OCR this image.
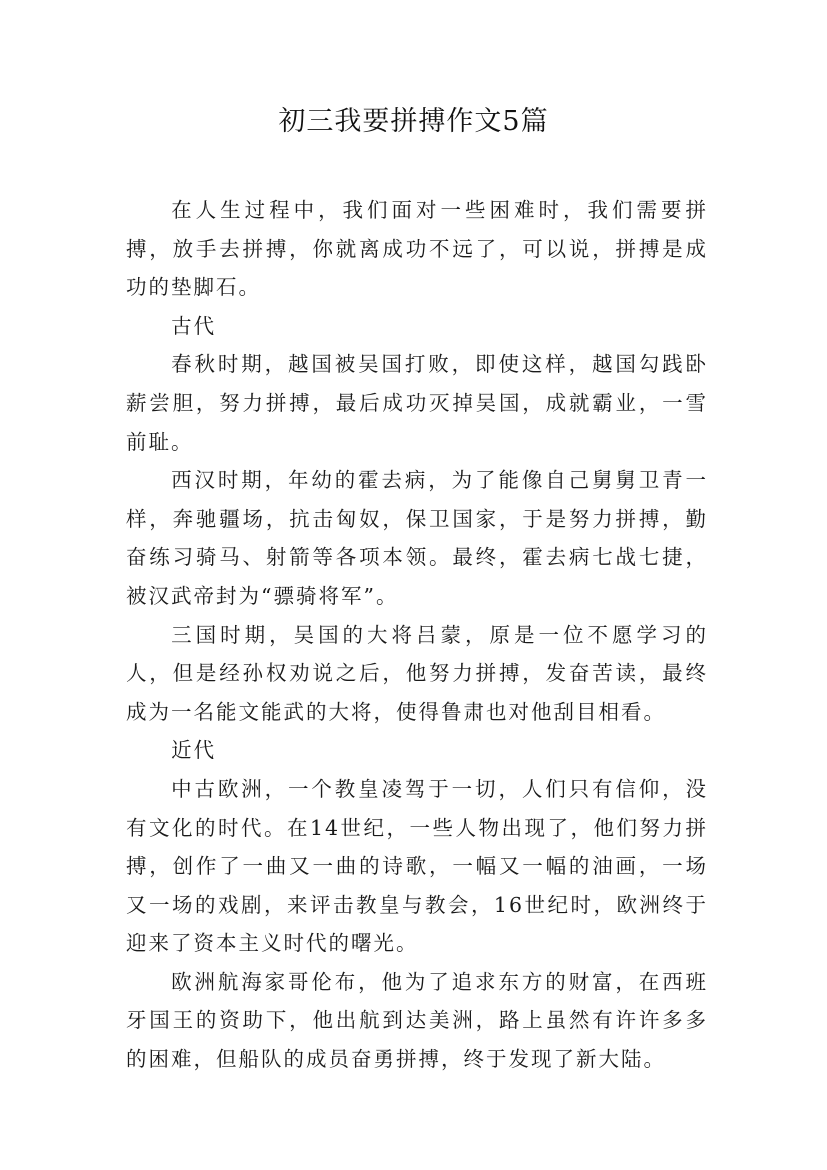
初三我要拼搏作文5篇

在人生过程中，我们面对一些困难时，我们需要拼搏，放手去拼搏，你就离成功不远了，可以说，拼搏是成功的垫脚石。

古代

春秋时期，越国被吴国打败，即使这样，越国勾践卧薪尝胆，努力拼搏，最后成功灭掉吴国，成就霸业，一雪前耻。

西汉时期，年幼的霍去病，为了能像自己舅舅卫青一样，奔驰疆场，抗击匈奴，保卫国家，于是努力拼搏，勤奋练习骑马、射箭等各项本领。最终，霍去病七战七捷，被汉武帝封为“骠骑将军”。

三国时期，吴国的大将吕蒙，原是一位不愿学习的人，但是经孙权劝说之后，他努力拼搏，发奋苦读，最终成为一名能文能武的大将，使得鲁肃也对他刮目相看。

近代

中古欧洲，一个教皇凌驾于一切，人们只有信仰，没有文化的时代。在14世纪，一些人物出现了，他们努力拼搏，创作了一曲又一曲的诗歌，一幅又一幅的油画，一场又一场的戏剧，来评击教皇与教会，16世纪时，欧洲终于迎来了资本主义时代的曙光。

欧洲航海家哥伦布，他为了追求东方的财富，在西班牙国王的资助下，他出航到达美洲，路上虽然有许许多多的困难，但船队的成员奋勇拼搏，终于发现了新大陆。
